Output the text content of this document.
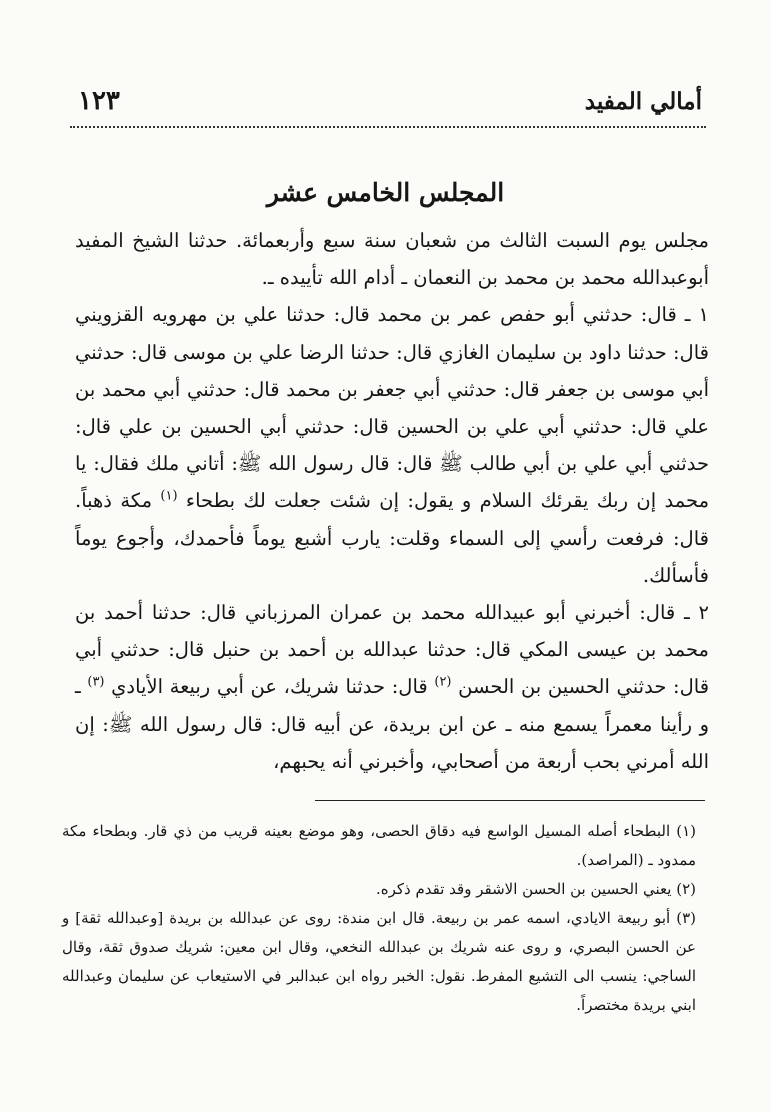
أمالي المفيد
١٢٣
المجلس الخامس عشر

مجلس يوم السبت الثالث من شعبان سنة سبع وأربعمائة. حدثنا الشيخ المفيد أبوعبدالله محمد بن محمد بن النعمان ـ أدام الله تأييده ـ.

١ ـ قال: حدثني أبو حفص عمر بن محمد قال: حدثنا علي بن مهرويه القزويني قال: حدثنا داود بن سليمان الغازي قال: حدثنا الرضا علي بن موسى قال: حدثني أبي موسى بن جعفر قال: حدثني أبي جعفر بن محمد قال: حدثني أبي محمد بن علي قال: حدثني أبي علي بن الحسين قال: حدثني أبي الحسين بن علي قال: حدثني أبي علي بن أبي طالب ﷺ قال: قال رسول الله ﷺ: أتاني ملك فقال: يا محمد إن ربك يقرئك السلام و يقول: إن شئت جعلت لك بطحاء $^{(١)}$ مكة ذهباً. قال: فرفعت رأسي إلى السماء وقلت: يارب أشبع يوماً فأحمدك، وأجوع يوماً فأسألك.

٢ ـ قال: أخبرني أبو عبيدالله محمد بن عمران المرزباني قال: حدثنا أحمد بن محمد بن عيسى المكي قال: حدثنا عبدالله بن أحمد بن حنبل قال: حدثني أبي قال: حدثني الحسين بن الحسن $^{(٢)}$ قال: حدثنا شريك، عن أبي ربيعة الأيادي $^{(٣)}$ ـ و رأينا معمراً يسمع منه ـ عن ابن بريدة، عن أبيه قال: قال رسول الله ﷺ: إن الله أمرني بحب أربعة من أصحابي، وأخبرني أنه يحبهم،

(١) البطحاء أصله المسيل الواسع فيه دقاق الحصى، وهو موضع بعينه قريب من ذي قار. وبطحاء مكة ممدود ـ (المراصد).

(٢) يعني الحسين بن الحسن الاشقر وقد تقدم ذكره.

(٣) أبو ربيعة الايادي، اسمه عمر بن ربيعة. قال ابن مندة: روى عن عبدالله بن بريدة [وعبدالله ثقة] و عن الحسن البصري، و روى عنه شريك بن عبدالله النخعي، وقال ابن معين: شريك صدوق ثقة، وقال الساجي: ينسب الى التشيع المفرط. نقول: الخبر رواه ابن عبدالبر في الاستيعاب عن سليمان وعبدالله ابني بريدة مختصراً.
